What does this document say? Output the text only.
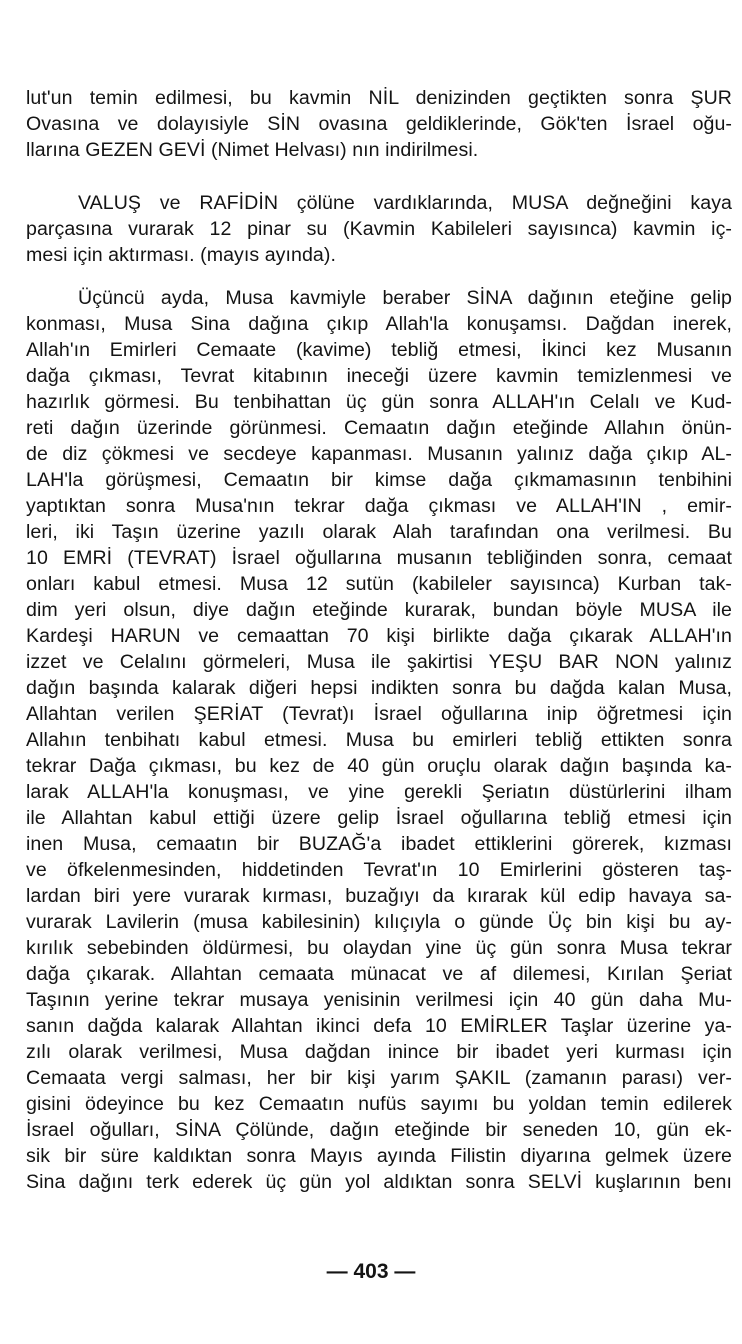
lut'un temin edilmesi, bu kavmin NİL denizinden geçtikten sonra ŞUR
Ovasına ve dolayısiyle SİN ovasına geldiklerinde, Gök'ten İsrael oğu-
llarına GEZEN GEVİ (Nimet Helvası) nın indirilmesi.
VALUŞ ve RAFİDİN çölüne vardıklarında, MUSA değneğini kaya
parçasına vurarak 12 pinar su (Kavmin Kabileleri sayısınca) kavmin iç-
mesi için aktırması. (mayıs ayında).
Üçüncü ayda, Musa kavmiyle beraber SİNA dağının eteğine gelip
konması, Musa Sina dağına çıkıp Allah'la konuşamsı. Dağdan inerek,
Allah'ın Emirleri Cemaate (kavime) tebliğ etmesi, İkinci kez Musanın
dağa çıkması, Tevrat kitabının ineceği üzere kavmin temizlenmesi ve
hazırlık görmesi. Bu tenbihattan üç gün sonra ALLAH'ın Celalı ve Kud-
reti dağın üzerinde görünmesi. Cemaatın dağın eteğinde Allahın önün-
de diz çökmesi ve secdeye kapanması. Musanın yalınız dağa çıkıp AL-
LAH'la görüşmesi, Cemaatın bir kimse dağa çıkmamasının tenbihini
yaptıktan sonra Musa'nın tekrar dağa çıkması ve ALLAH'IN , emir-
leri, iki Taşın üzerine yazılı olarak Alah tarafından ona verilmesi. Bu
10 EMRİ (TEVRAT) İsrael oğullarına musanın tebliğinden sonra, cemaat
onları kabul etmesi. Musa 12 sutün (kabileler sayısınca) Kurban tak-
dim yeri olsun, diye dağın eteğinde kurarak, bundan böyle MUSA ile
Kardeşi HARUN ve cemaattan 70 kişi birlikte dağa çıkarak ALLAH'ın
izzet ve Celalını görmeleri, Musa ile şakirtisi YEŞU BAR NON yalınız
dağın başında kalarak diğeri hepsi indikten sonra bu dağda kalan Musa,
Allahtan verilen ŞERİAT (Tevrat)ı İsrael oğullarına inip öğretmesi için
Allahın tenbihatı kabul etmesi. Musa bu emirleri tebliğ ettikten sonra
tekrar Dağa çıkması, bu kez de 40 gün oruçlu olarak dağın başında ka-
larak ALLAH'la konuşması, ve yine gerekli Şeriatın düstürlerini ilham
ile Allahtan kabul ettiği üzere gelip İsrael oğullarına tebliğ etmesi için
inen Musa, cemaatın bir BUZAĞ'a ibadet ettiklerini görerek, kızması
ve öfkelenmesinden, hiddetinden Tevrat'ın 10 Emirlerini gösteren taş-
lardan biri yere vurarak kırması, buzağıyı da kırarak kül edip havaya sa-
vurarak Lavilerin (musa kabilesinin) kılıçıyla o günde Üç bin kişi bu ay-
kırılık sebebinden öldürmesi, bu olaydan yine üç gün sonra Musa tekrar
dağa çıkarak. Allahtan cemaata münacat ve af dilemesi, Kırılan Şeriat
Taşının yerine tekrar musaya yenisinin verilmesi için 40 gün daha Mu-
sanın dağda kalarak Allahtan ikinci defa 10 EMİRLER Taşlar üzerine ya-
zılı olarak verilmesi, Musa dağdan inince bir ibadet yeri kurması için
Cemaata vergi salması, her bir kişi yarım ŞAKIL (zamanın parası) ver-
gisini ödeyince bu kez Cemaatın nufüs sayımı bu yoldan temin edilerek
İsrael oğulları, SİNA Çölünde, dağın eteğinde bir seneden 10, gün ek-
sik bir süre kaldıktan sonra Mayıs ayında Filistin diyarına gelmek üzere
Sina dağını terk ederek üç gün yol aldıktan sonra SELVİ kuşlarının benı
— 403 —
